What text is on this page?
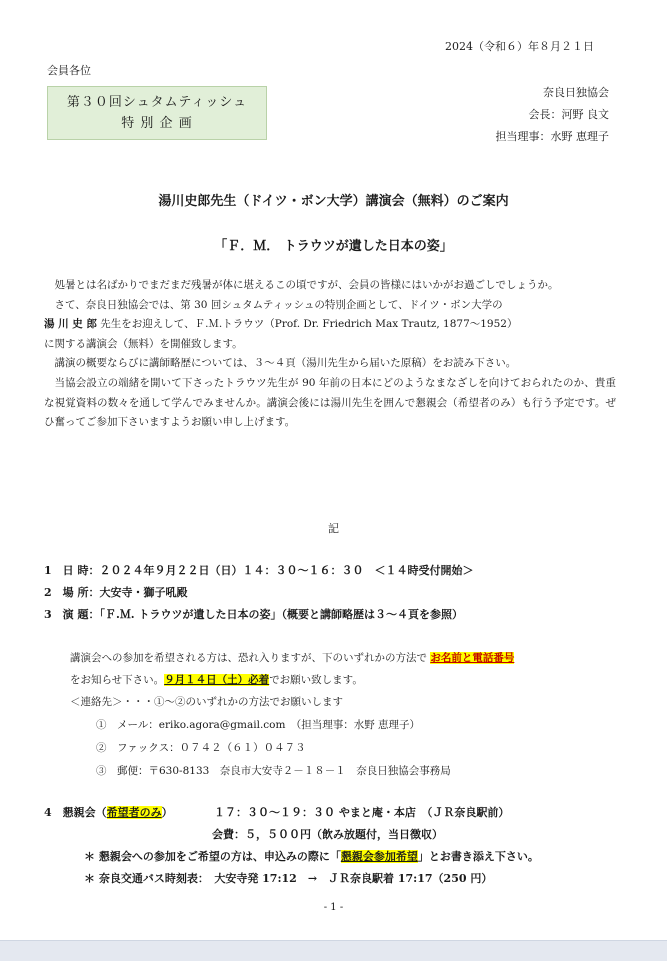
2024（令和６）年８月２１日
会員各位
奈良日独協会
会長：河野 良文
担当理事：水野 恵理子
第３０回シュタムティッシュ
特 別 企 画
湯川史郎先生（ドイツ・ボン大学）講演会（無料）のご案内
「Ｆ．Ｍ． トラウツが遺した日本の姿」

処暑とは名ばかりでまだまだ残暑が体に堪えるこの頃ですが、会員の皆様にはいかがお過ごしでしょうか。

さて、奈良日独協会では、第 30 回シュタムティッシュの特別企画として、ドイツ・ボン大学の

湯 川 史 郎 先生をお迎えして、Ｆ.Ｍ.トラウツ（Prof. Dr. Friedrich Max Trautz, 1877～1952）

に関する講演会（無料）を開催致します。

講演の概要ならびに講師略歴については、３～４頁（湯川先生から届いた原稿）をお読み下さい。

当協会設立の端緒を開いて下さったトラウツ先生が 90 年前の日本にどのようなまなざしを向けておられたのか、貴重な視覚資料の数々を通して学んでみませんか。講演会後には湯川先生を囲んで懇親会（希望者のみ）も行う予定です。ぜひ奮ってご参加下さいますようお願い申し上げます。

記
1　日 時：２０２４年９月２２日（日）１４：３０～１６：３０　＜１４時受付開始＞
2　場 所：大安寺・獅子吼殿
3　演 題：「Ｆ.Ｍ. トラウツが遺した日本の姿」（概要と講師略歴は３～４頁を参照）
講演会への参加を希望される方は、恐れ入りますが、下のいずれかの方法で お名前と電話番号
をお知らせ下さい。９月１４日（土）必着でお願い致します。
＜連絡先＞・・・①～②のいずれかの方法でお願いします
①　メール：eriko.agora@gmail.com　（担当理事：水野 恵理子）
②　ファックス：０７４２（６１）０４７３
③　郵便：〒630-8133　奈良市大安寺２－１８－１　奈良日独協会事務局
4　懇親会（希望者のみ）	１７：３０～１９：３０ やまと庵・本店　（ＪＲ奈良駅前）
会費：５，５００円（飲み放題付，当日徴収）
＊ 懇親会への参加をご希望の方は、申込みの際に「懇親会参加希望」とお書き添え下さい。
＊ 奈良交通バス時刻表：　大安寺発 17:12　→　ＪＲ奈良駅着 17:17（250 円）
- 1 -
